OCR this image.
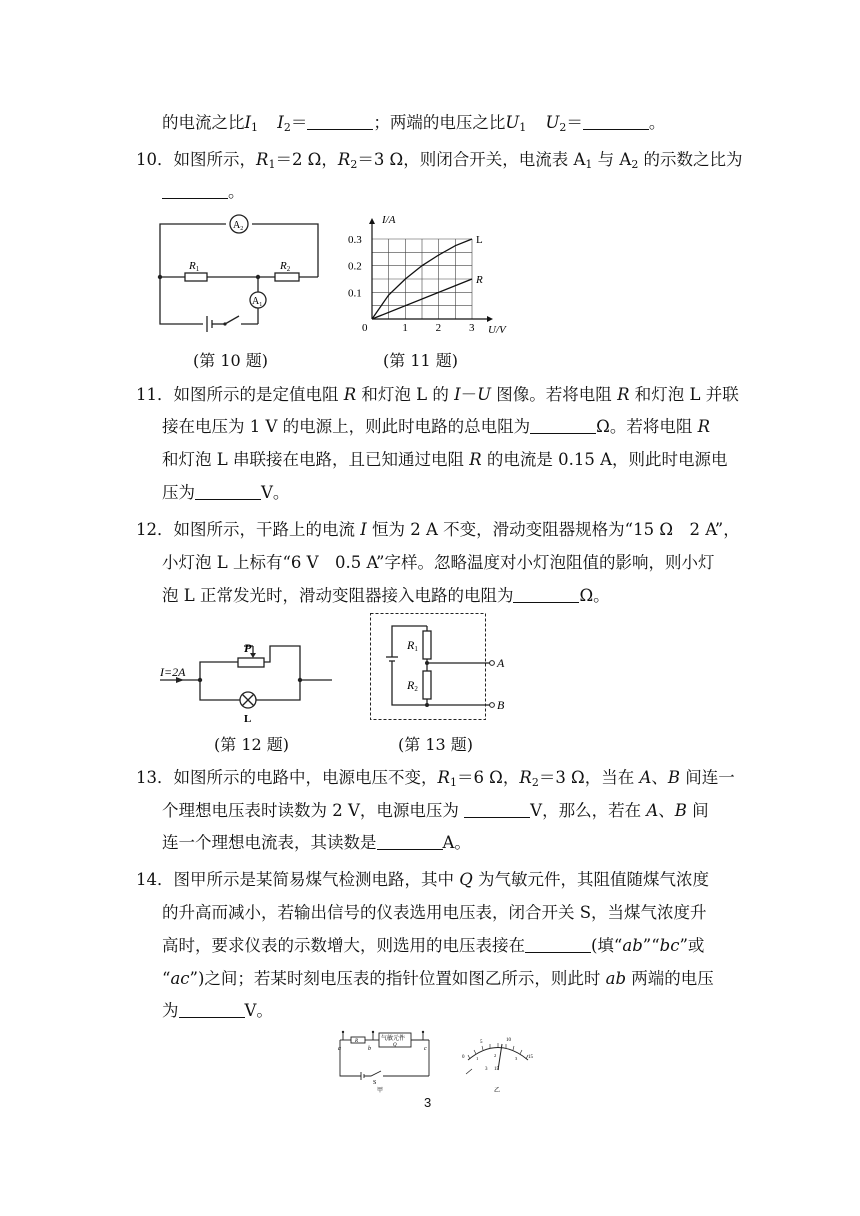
的电流之比$I_1$ $I_2=$	；两端的电压之比$U_1$ $U_2=$	。
10．如图所示，$R_1=2$ Ω，$R_2=3$ Ω，则闭合开关，电流表 $A_1$ 与 $A_2$ 的示数之比为
。
$A_2$
$A_1$
R1	R2
(第 10 题)
0	1	2	3
0.1
0.2
0.3
U/V
I/A
L
R
(第 11 题)
11．如图所示的是定值电阻 R 和灯泡 L 的 I－U 图像。若将电阻 R 和灯泡 L 并联
接在电压为 1 V 的电源上，则此时电路的总电阻为	Ω。若将电阻 R
和灯泡 L 串联接在电路，且已知通过电阻 R 的电流是 0.15 A，则此时电源电
压为	V。
12．如图所示，干路上的电流 I 恒为 2 A 不变，滑动变阻器规格为“15 Ω　2 A”，
小灯泡 L 上标有“6 V　0.5 A”字样。忽略温度对小灯泡阻值的影响，则小灯
泡 L 正常发光时，滑动变阻器接入电路的电阻为	Ω。
I=2A
P
L
(第 12 题)
R1
R2
A
B
(第 13 题)
13．如图所示的电路中，电源电压不变，$R_1=6$ Ω，$R_2=3$ Ω，当在 A、B 间连一
个理想电压表时读数为 2 V，电源电压为	V，那么，若在 A、B 间
连一个理想电流表，其读数是	A。
14．图甲所示是某简易煤气检测电路，其中 Q 为气敏元件，其阻值随煤气浓度
的升高而减小，若输出信号的仪表选用电压表，闭合开关 S，当煤气浓度升
高时，要求仪表的示数增大，则选用的电压表接在	(填“ab”“bc”或
“ac”)之间；若某时刻电压表的指针位置如图乙所示，则此时 ab 两端的电压
为	V。
a	b	c
R	气敏元件
Q
S
甲
0
5	10
15
1
2
3
3 15
乙
3
